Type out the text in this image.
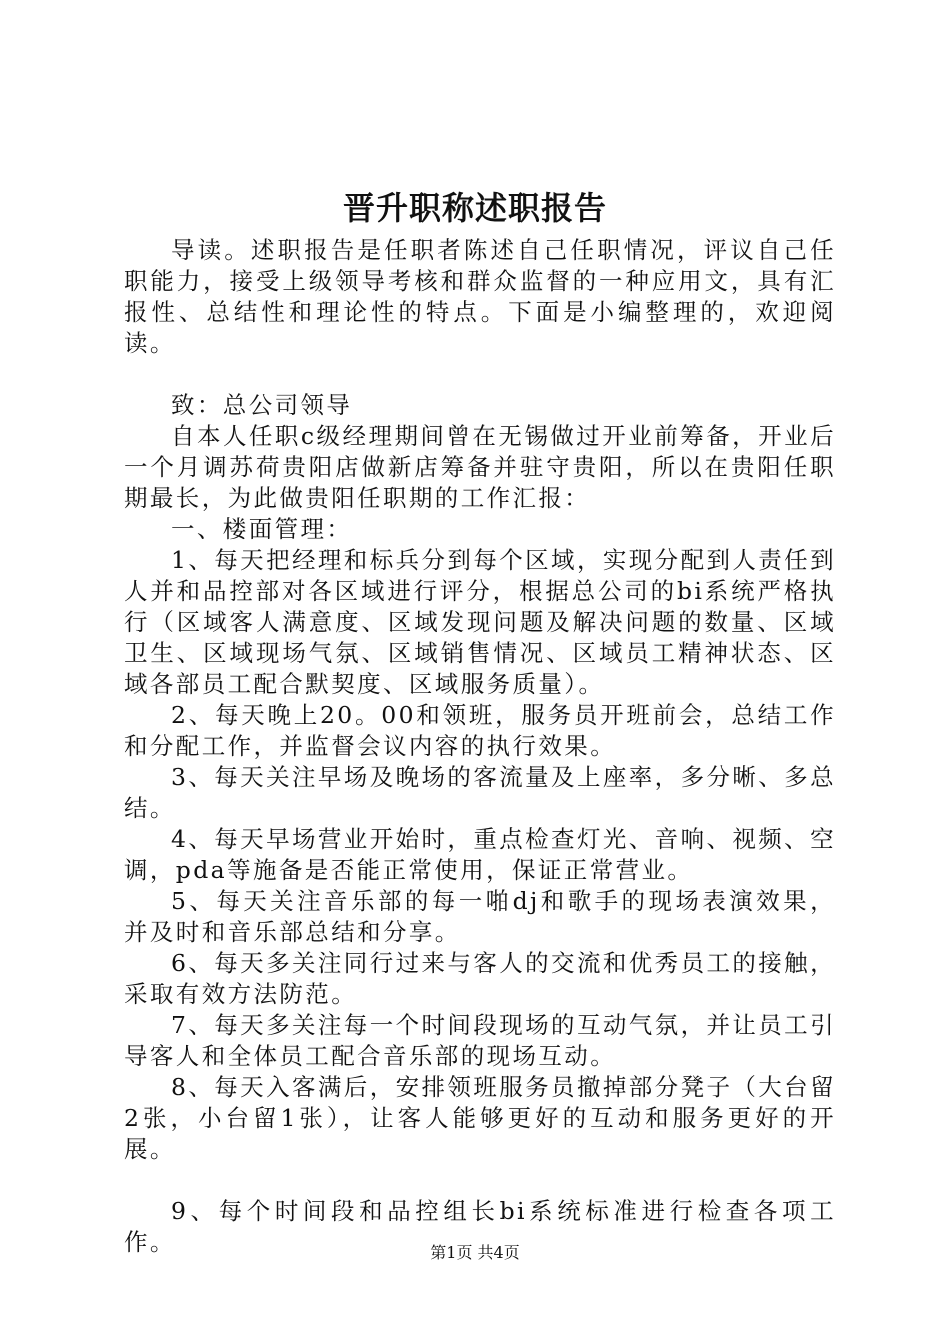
晋升职称述职报告

导读。述职报告是任职者陈述自己任职情况，评议自己任职能力，接受上级领导考核和群众监督的一种应用文，具有汇报性、总结性和理论性的特点。下面是小编整理的，欢迎阅读。

致：总公司领导

自本人任职c级经理期间曾在无锡做过开业前筹备，开业后一个月调苏荷贵阳店做新店筹备并驻守贵阳，所以在贵阳任职期最长，为此做贵阳任职期的工作汇报：

一、楼面管理：

1、每天把经理和标兵分到每个区域，实现分配到人责任到人并和品控部对各区域进行评分，根据总公司的bi系统严格执行（区域客人满意度、区域发现问题及解决问题的数量、区域卫生、区域现场气氛、区域销售情况、区域员工精神状态、区域各部员工配合默契度、区域服务质量）。

2、每天晚上20。00和领班，服务员开班前会，总结工作和分配工作，并监督会议内容的执行效果。

3、每天关注早场及晚场的客流量及上座率，多分晰、多总结。

4、每天早场营业开始时，重点检查灯光、音响、视频、空调，pda等施备是否能正常使用，保证正常营业。

5、每天关注音乐部的每一啪dj和歌手的现场表演效果，并及时和音乐部总结和分享。

6、每天多关注同行过来与客人的交流和优秀员工的接触，采取有效方法防范。

7、每天多关注每一个时间段现场的互动气氛，并让员工引导客人和全体员工配合音乐部的现场互动。

8、每天入客满后，安排领班服务员撤掉部分凳子（大台留2张，小台留1张），让客人能够更好的互动和服务更好的开展。

9、每个时间段和品控组长bi系统标准进行检查各项工作。	第1页 共4页
